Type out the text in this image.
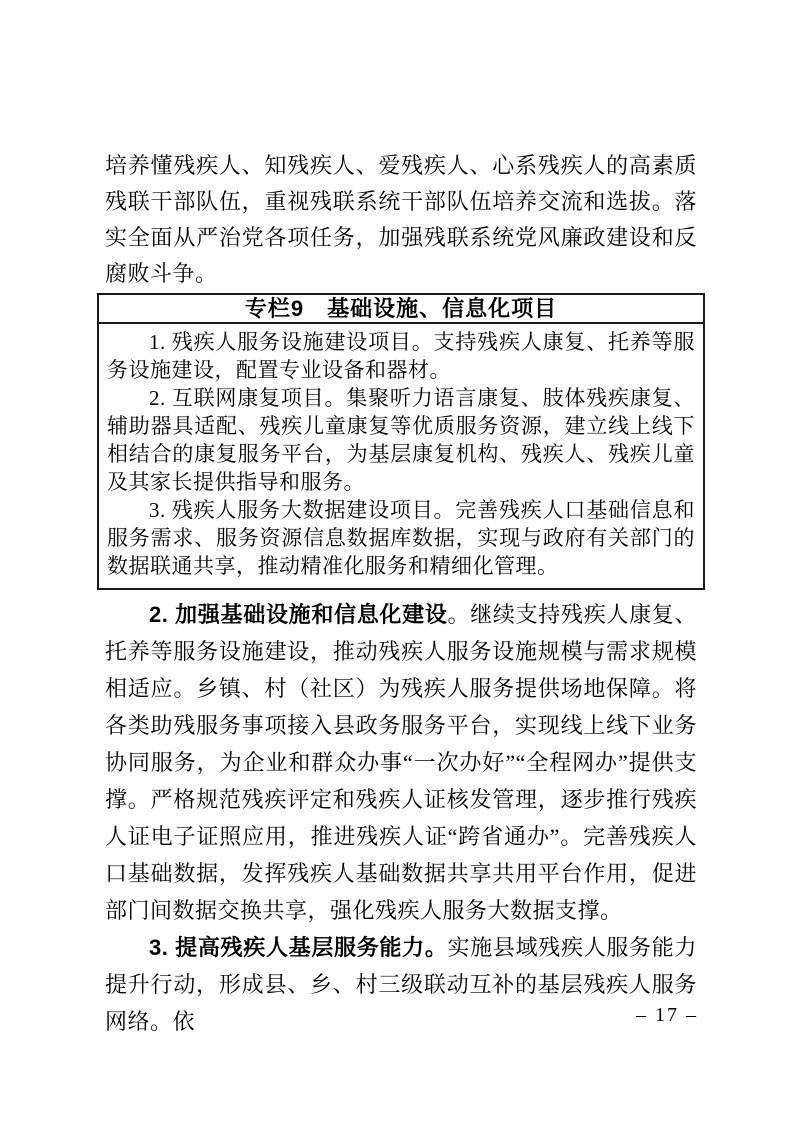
培养懂残疾人、知残疾人、爱残疾人、心系残疾人的高素质残联干部队伍，重视残联系统干部队伍培养交流和选拔。落实全面从严治党各项任务，加强残联系统党风廉政建设和反腐败斗争。

专栏9　基础设施、信息化项目

1. 残疾人服务设施建设项目。支持残疾人康复、托养等服务设施建设，配置专业设备和器材。

2. 互联网康复项目。集聚听力语言康复、肢体残疾康复、辅助器具适配、残疾儿童康复等优质服务资源，建立线上线下相结合的康复服务平台，为基层康复机构、残疾人、残疾儿童及其家长提供指导和服务。

3. 残疾人服务大数据建设项目。完善残疾人口基础信息和服务需求、服务资源信息数据库数据，实现与政府有关部门的数据联通共享，推动精准化服务和精细化管理。

2. 加强基础设施和信息化建设。继续支持残疾人康复、托养等服务设施建设，推动残疾人服务设施规模与需求规模相适应。乡镇、村（社区）为残疾人服务提供场地保障。将各类助残服务事项接入县政务服务平台，实现线上线下业务协同服务，为企业和群众办事“一次办好”“全程网办”提供支撑。严格规范残疾评定和残疾人证核发管理，逐步推行残疾人证电子证照应用，推进残疾人证“跨省通办”。完善残疾人口基础数据，发挥残疾人基础数据共享共用平台作用，促进部门间数据交换共享，强化残疾人服务大数据支撑。

3. 提高残疾人基层服务能力。实施县域残疾人服务能力提升行动，形成县、乡、村三级联动互补的基层残疾人服务网络。依	– 17 –
